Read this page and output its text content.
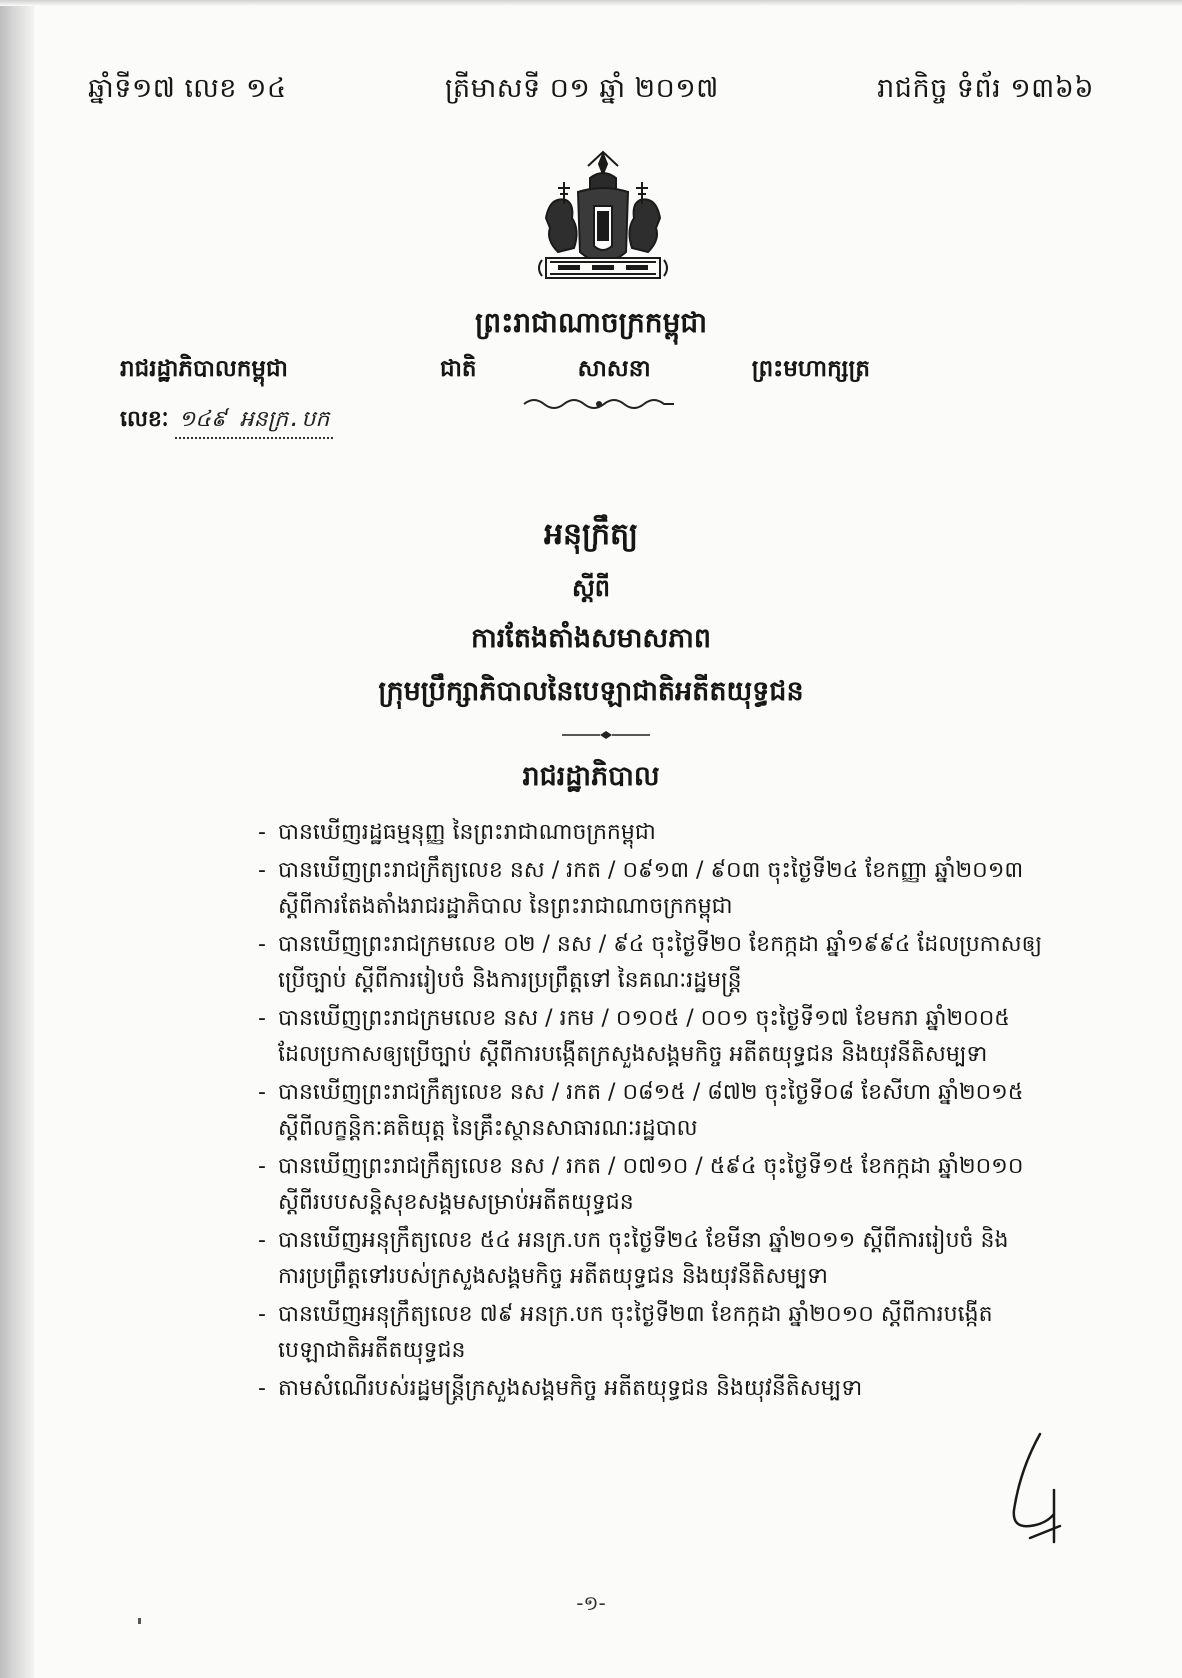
ឆ្នាំទី១៧ លេខ ១៤	ត្រីមាសទី ០១ ឆ្នាំ ២០១៧	រាជកិច្ច ទំព័រ ១៣៦៦
ព្រះរាជាណាចក្រកម្ពុជា
រាជរដ្ឋាភិបាលកម្ពុជា	ជាតិ	សាសនា	ព្រះមហាក្សត្រ
លេខៈ ១៤៩ អនក្រ.បក
អនុក្រឹត្យ
ស្តីពី
ការតែងតាំងសមាសភាព
ក្រុមប្រឹក្សាភិបាលនៃបេឡាជាតិអតីតយុទ្ធជន
រាជរដ្ឋាភិបាល
- បានឃើញរដ្ឋធម្មនុញ្ញ នៃព្រះរាជាណាចក្រកម្ពុជា
- បានឃើញព្រះរាជក្រឹត្យលេខ នស / រកត / ០៩១៣ / ៩០៣ ចុះថ្ងៃទី២៤ ខែកញ្ញា ឆ្នាំ២០១៣
ស្តីពីការតែងតាំងរាជរដ្ឋាភិបាល នៃព្រះរាជាណាចក្រកម្ពុជា
- បានឃើញព្រះរាជក្រមលេខ ០២ / នស / ៩៤ ចុះថ្ងៃទី២០ ខែកក្កដា ឆ្នាំ១៩៩៤ ដែលប្រកាសឲ្យ
ប្រើច្បាប់ ស្តីពីការរៀបចំ និងការប្រព្រឹត្តទៅ នៃគណៈរដ្ឋមន្ត្រី
- បានឃើញព្រះរាជក្រមលេខ នស / រកម / ០១០៥ / ០០១ ចុះថ្ងៃទី១៧ ខែមករា ឆ្នាំ២០០៥
ដែលប្រកាសឲ្យប្រើច្បាប់ ស្តីពីការបង្កើតក្រសួងសង្គមកិច្ច អតីតយុទ្ធជន និងយុវនីតិសម្បទា
- បានឃើញព្រះរាជក្រឹត្យលេខ នស / រកត / ០៨១៥ / ៨៧២ ចុះថ្ងៃទី០៨ ខែសីហា ឆ្នាំ២០១៥
ស្តីពីលក្ខន្តិកៈគតិយុត្ត នៃគ្រឹះស្ថានសាធារណៈរដ្ឋបាល
- បានឃើញព្រះរាជក្រឹត្យលេខ នស / រកត / ០៧១០ / ៥៩៤ ចុះថ្ងៃទី១៥ ខែកក្កដា ឆ្នាំ២០១០
ស្តីពីរបបសន្តិសុខសង្គមសម្រាប់អតីតយុទ្ធជន
- បានឃើញអនុក្រឹត្យលេខ ៥៤ អនក្រ.បក ចុះថ្ងៃទី២៤ ខែមីនា ឆ្នាំ២០១១ ស្តីពីការរៀបចំ និង
ការប្រព្រឹត្តទៅរបស់ក្រសួងសង្គមកិច្ច អតីតយុទ្ធជន និងយុវនីតិសម្បទា
- បានឃើញអនុក្រឹត្យលេខ ៧៩ អនក្រ.បក ចុះថ្ងៃទី២៣ ខែកក្កដា ឆ្នាំ២០១០ ស្តីពីការបង្កើត
បេឡាជាតិអតីតយុទ្ធជន
- តាមសំណើរបស់រដ្ឋមន្ត្រីក្រសួងសង្គមកិច្ច អតីតយុទ្ធជន និងយុវនីតិសម្បទា
-១-
